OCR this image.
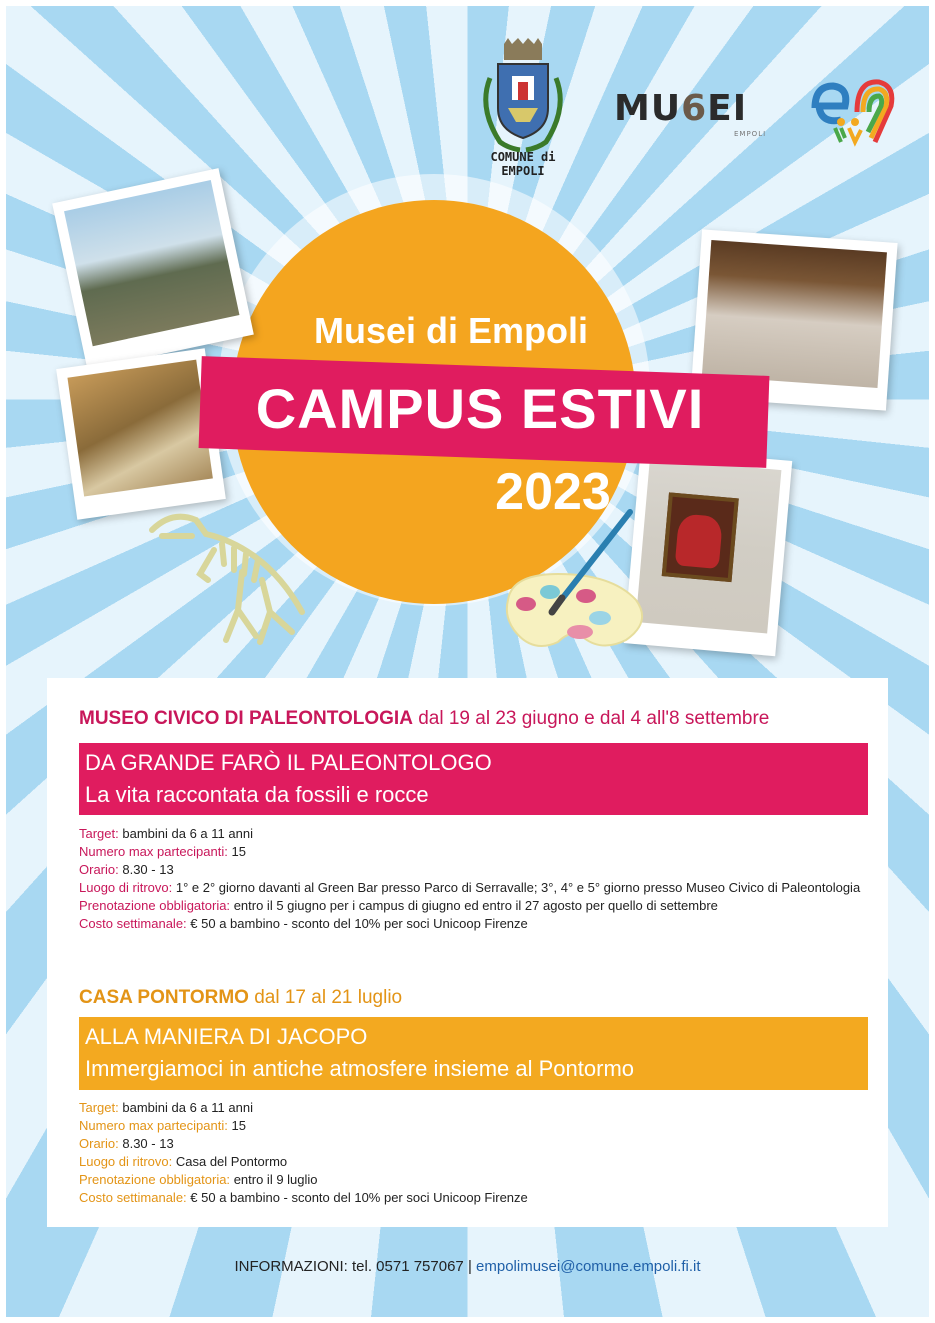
COMUNE di EMPOLI
MU6EI
EMPOLI
Musei di Empoli
CAMPUS ESTIVI
2023
MUSEO CIVICO DI PALEONTOLOGIA dal 19 al 23 giugno e dal 4 all'8 settembre
DA GRANDE FARÒ IL PALEONTOLOGO
La vita raccontata da fossili e rocce
Target: bambini da 6 a 11 anni
Numero max partecipanti: 15
Orario: 8.30 - 13
Luogo di ritrovo: 1° e 2° giorno davanti al Green Bar presso Parco di Serravalle; 3°, 4° e 5° giorno presso Museo Civico di Paleontologia
Prenotazione obbligatoria: entro il 5 giugno per i campus di giugno ed entro il 27 agosto per quello di settembre
Costo settimanale: € 50 a bambino - sconto del 10% per soci Unicoop Firenze
CASA PONTORMO dal 17 al 21 luglio
ALLA MANIERA DI JACOPO
Immergiamoci in antiche atmosfere insieme al Pontormo
Target: bambini da 6 a 11 anni
Numero max partecipanti: 15
Orario: 8.30 - 13
Luogo di ritrovo: Casa del Pontormo
Prenotazione obbligatoria: entro il 9 luglio
Costo settimanale: € 50 a bambino - sconto del 10% per soci Unicoop Firenze
INFORMAZIONI: tel. 0571 757067 | empolimusei@comune.empoli.fi.it
